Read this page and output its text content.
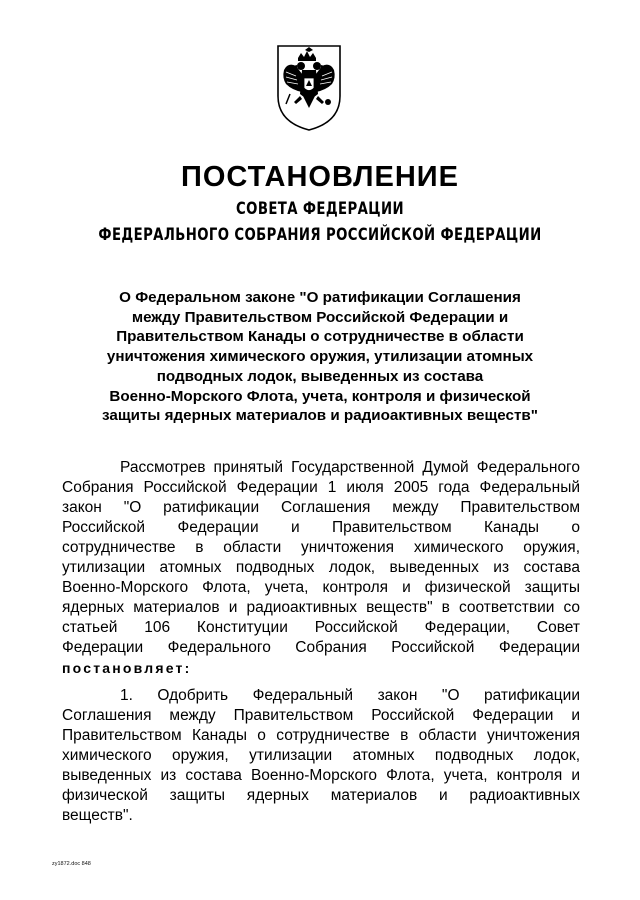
ПОСТАНОВЛЕНИЕ
СОВЕТА ФЕДЕРАЦИИ
ФЕДЕРАЛЬНОГО СОБРАНИЯ РОССИЙСКОЙ ФЕДЕРАЦИИ
О Федеральном законе "О ратификации Соглашения
между Правительством Российской Федерации и
Правительством Канады о сотрудничестве в области
уничтожения химического оружия, утилизации атомных
подводных лодок, выведенных из состава
Военно-Морского Флота, учета, контроля и физической
защиты ядерных материалов и радиоактивных веществ"
Рассмотрев принятый Государственной Думой Федерального
Собрания Российской Федерации 1 июля 2005 года Федеральный
закон "О ратификации Соглашения между Правительством
Российской Федерации и Правительством Канады о
сотрудничестве в области уничтожения химического оружия,
утилизации атомных подводных лодок, выведенных из состава
Военно-Морского Флота, учета, контроля и физической защиты
ядерных материалов и радиоактивных веществ" в соответствии со
статьей 106 Конституции Российской Федерации, Совет
Федерации Федерального Собрания Российской Федерации
постановляет:
1. Одобрить Федеральный закон "О ратификации
Соглашения между Правительством Российской Федерации и
Правительством Канады о сотрудничестве в области уничтожения
химического оружия, утилизации атомных подводных лодок,
выведенных из состава Военно-Морского Флота, учета, контроля и
физической защиты ядерных материалов и радиоактивных
веществ".
zy1872.doc 848
